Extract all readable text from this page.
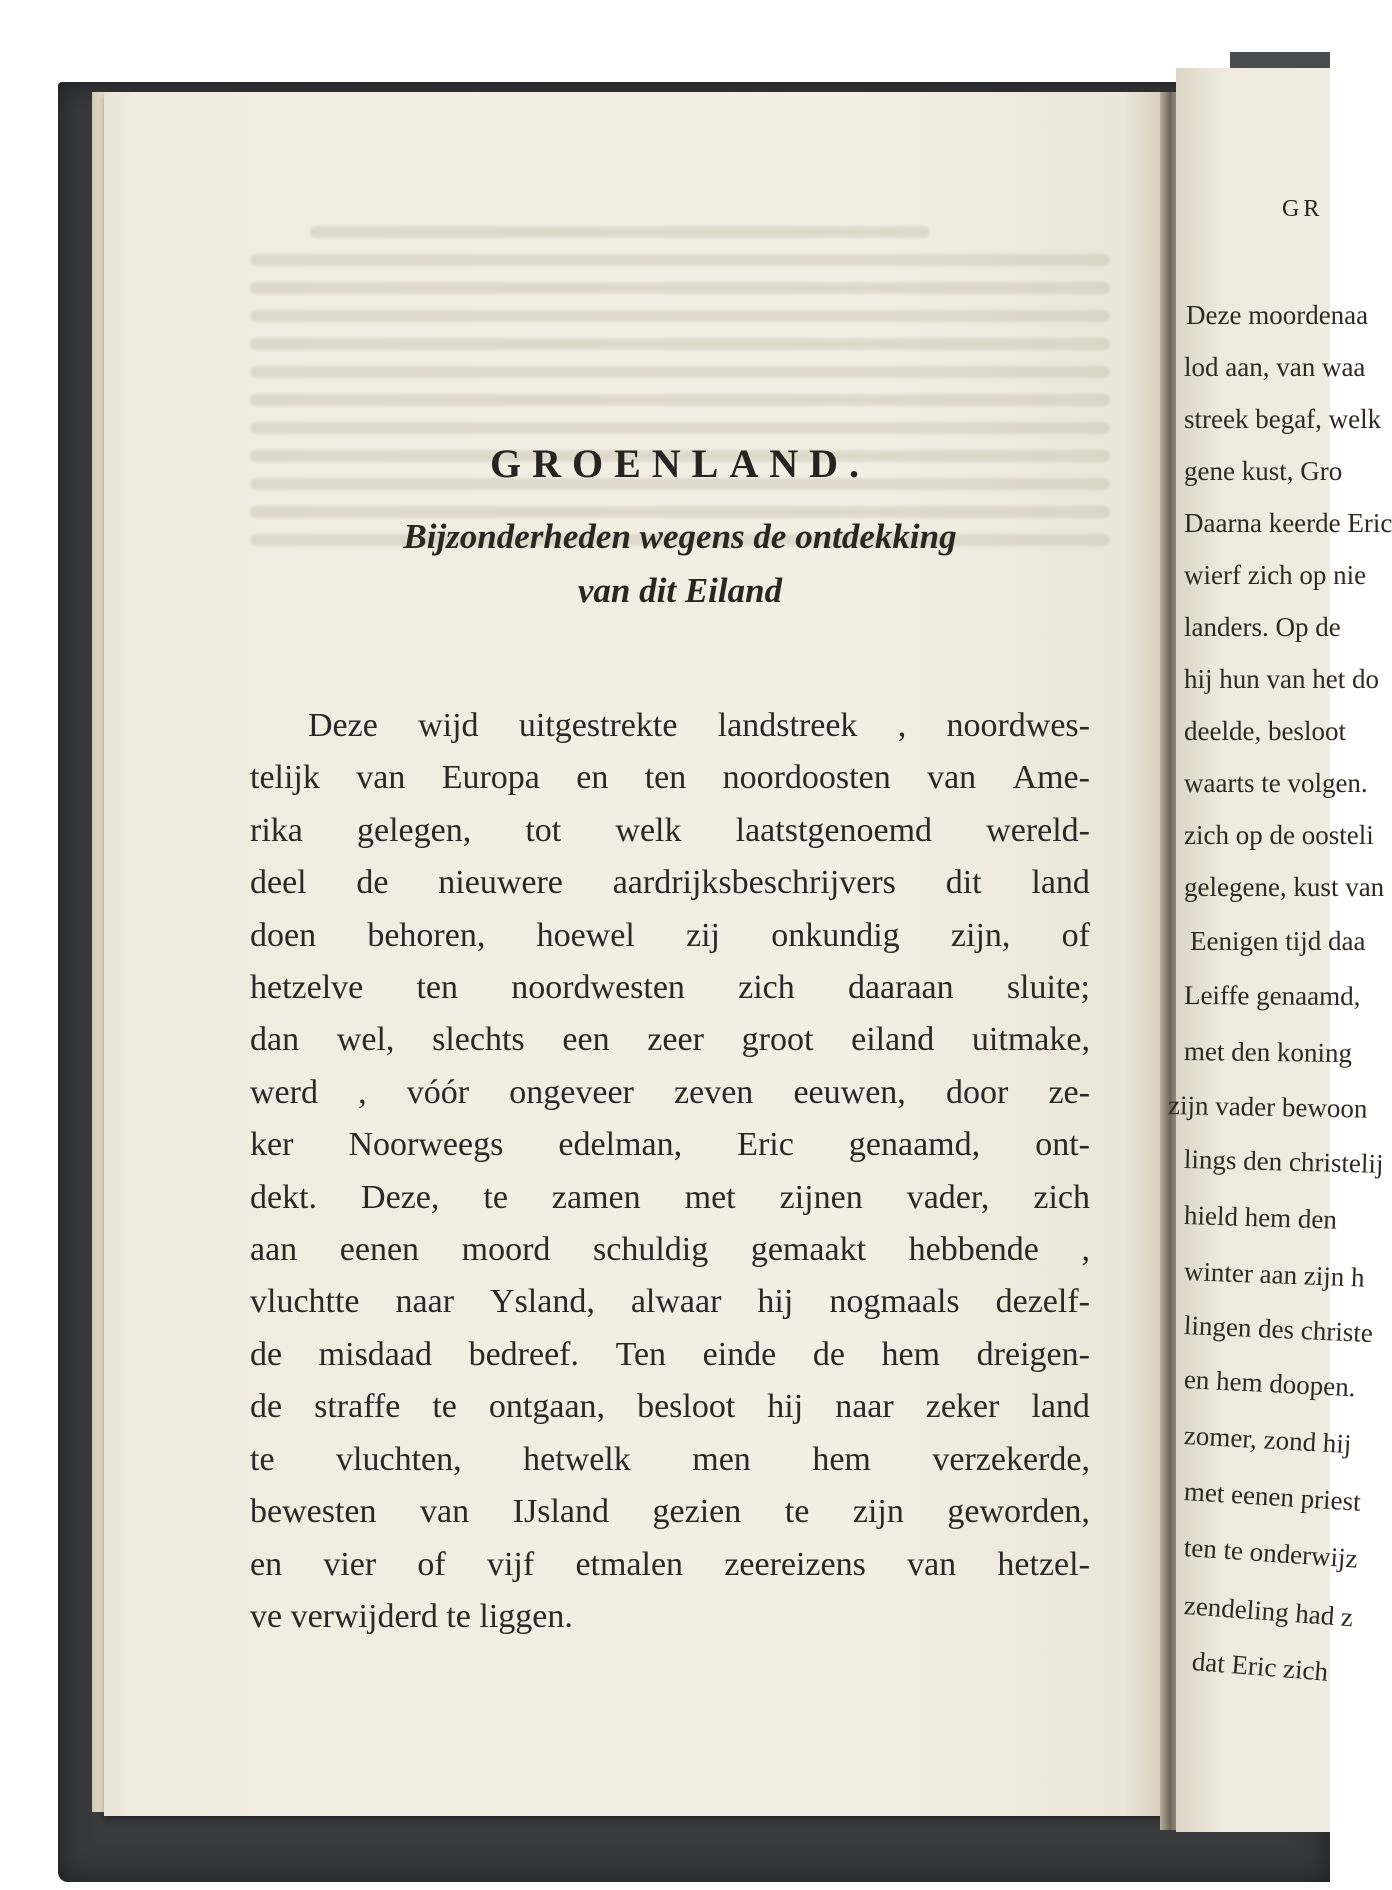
GROENLAND.
Bijzonderheden wegens de ontdekking
van dit Eiland
Deze wijd uitgestrekte landstreek , noordwes-
telijk van Europa en ten noordoosten van Ame-
rika gelegen, tot welk laatstgenoemd wereld-
deel de nieuwere aardrijksbeschrijvers dit land
doen behoren, hoewel zij onkundig zijn, of
hetzelve ten noordwesten zich daaraan sluite;
dan wel, slechts een zeer groot eiland uitmake,
werd , vóór ongeveer zeven eeuwen, door ze-
ker Noorweegs edelman, Eric genaamd, ont-
dekt. Deze, te zamen met zijnen vader, zich
aan eenen moord schuldig gemaakt hebbende ,
vluchtte naar Ysland, alwaar hij nogmaals dezelf-
de misdaad bedreef. Ten einde de hem dreigen-
de straffe te ontgaan, besloot hij naar zeker land
te vluchten, hetwelk men hem verzekerde,
bewesten van IJsland gezien te zijn geworden,
en vier of vijf etmalen zeereizens van hetzel-
ve verwijderd te liggen.
GR
Deze moordenaa
lod aan, van waa
streek begaf, welk
gene kust, Gro
Daarna keerde Eric
wierf zich op nie
landers. Op de
hij hun van het do
deelde, besloot
waarts te volgen.
zich op de oosteli
gelegene, kust van
Eenigen tijd daa
Leiffe genaamd,
met den koning
zijn vader bewoon
lings den christelij
hield hem den
winter aan zijn h
lingen des christe
en hem doopen.
zomer, zond hij
met eenen priest
ten te onderwijz
zendeling had z
dat Eric zich
